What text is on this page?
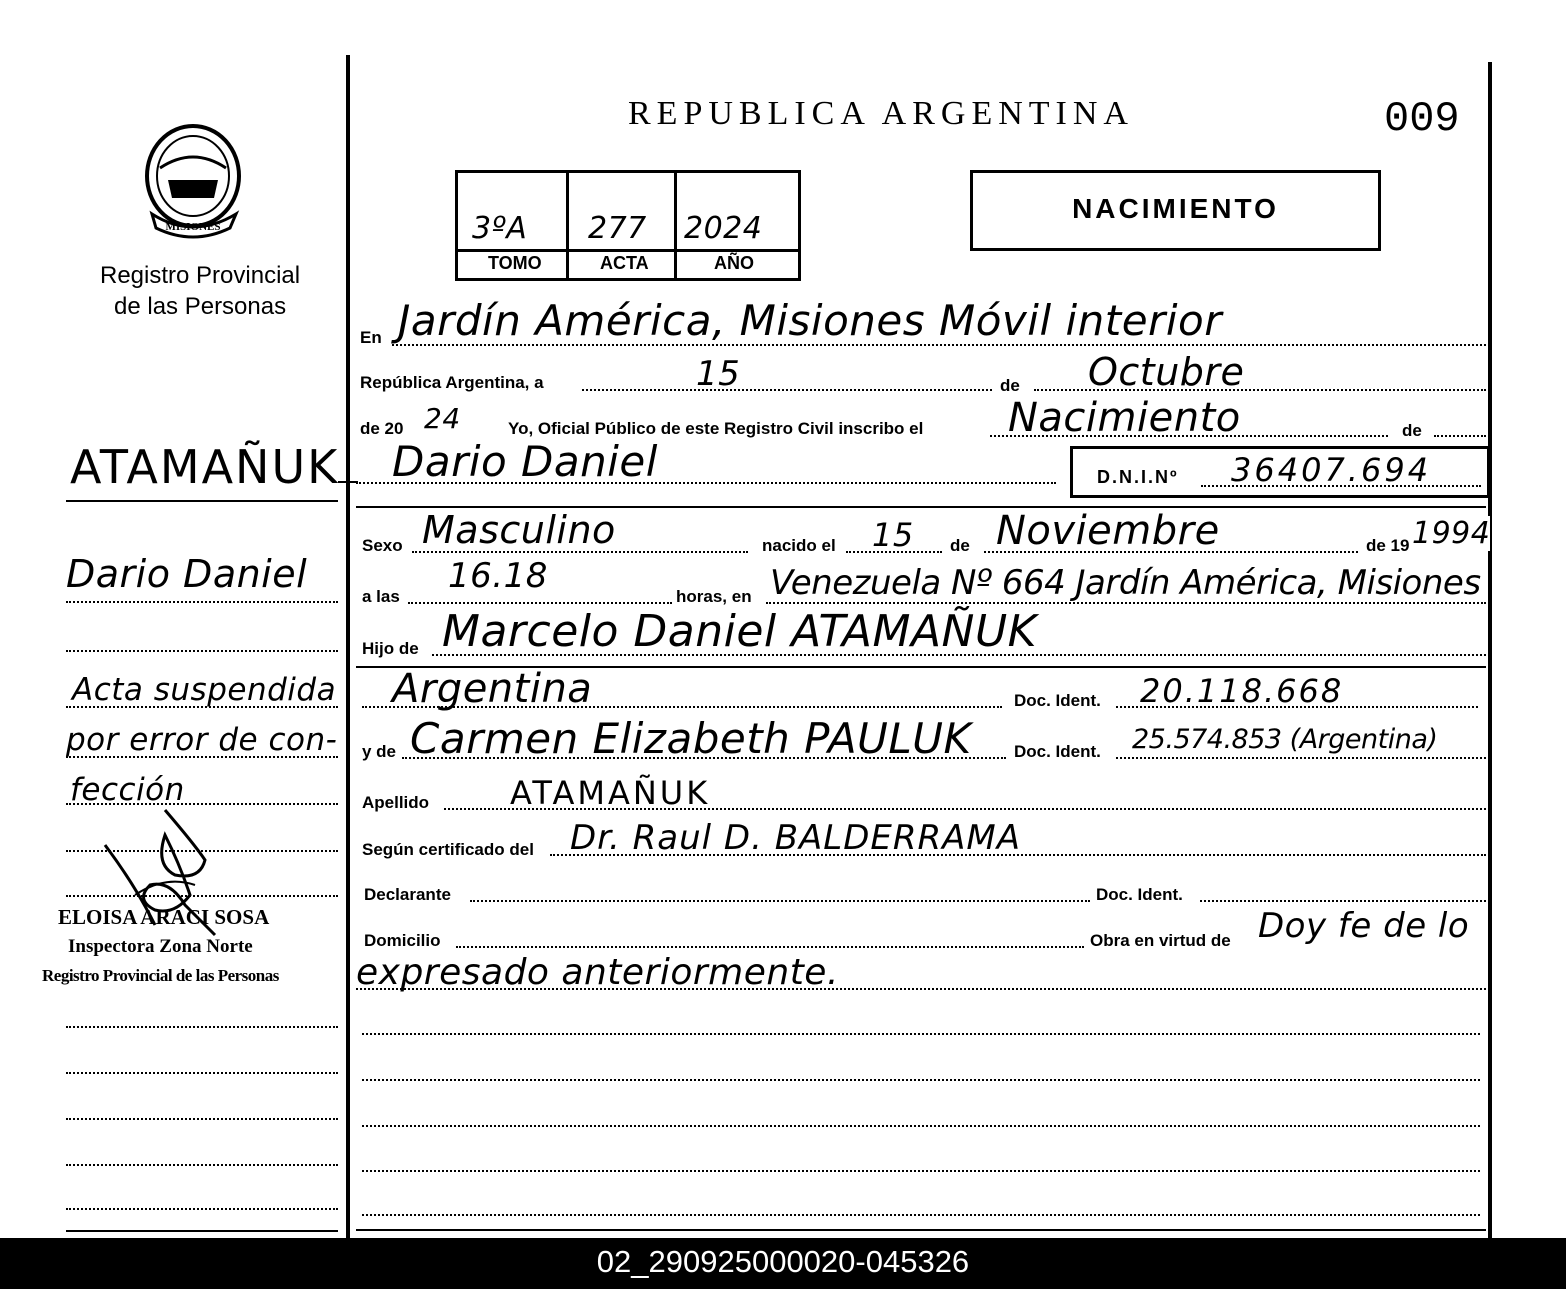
REPUBLICA ARGENTINA	009
MISIONES
Registro Provincial
de las Personas
3ºA 277 2024
TOMO	ACTA	AÑO
NACIMIENTO
ATAMAÑUK
Dario Daniel
Acta suspendida
por error de con-
fección
ELOISA ARACI SOSA
Inspectora Zona Norte
Registro Provincial de las Personas
En Jardín América, Misiones Móvil interior
República Argentina, a	15	de Octubre
de 20 24	Yo, Oficial Público de este Registro Civil inscribo el Nacimiento	de
Dario Daniel	D.N.I.Nº 36407.694
Sexo Masculino	nacido el 15 de Noviembre	de 19 1994
a las
16.18
horas, en Venezuela Nº 664 Jardín América, Misiones
Hijo de Marcelo Daniel ATAMAÑUK
Argentina	Doc. Ident. 20.118.668
y de Carmen Elizabeth PAULUK Doc. Ident. 25.574.853 (Argentina)
Apellido	ATAMAÑUK
Según certificado del Dr. Raul D. BALDERRAMA
Declarante	Doc. Ident.
Domicilio	Obra en virtud de Doy fe de lo
expresado anteriormente.
02_290925000020-045326
